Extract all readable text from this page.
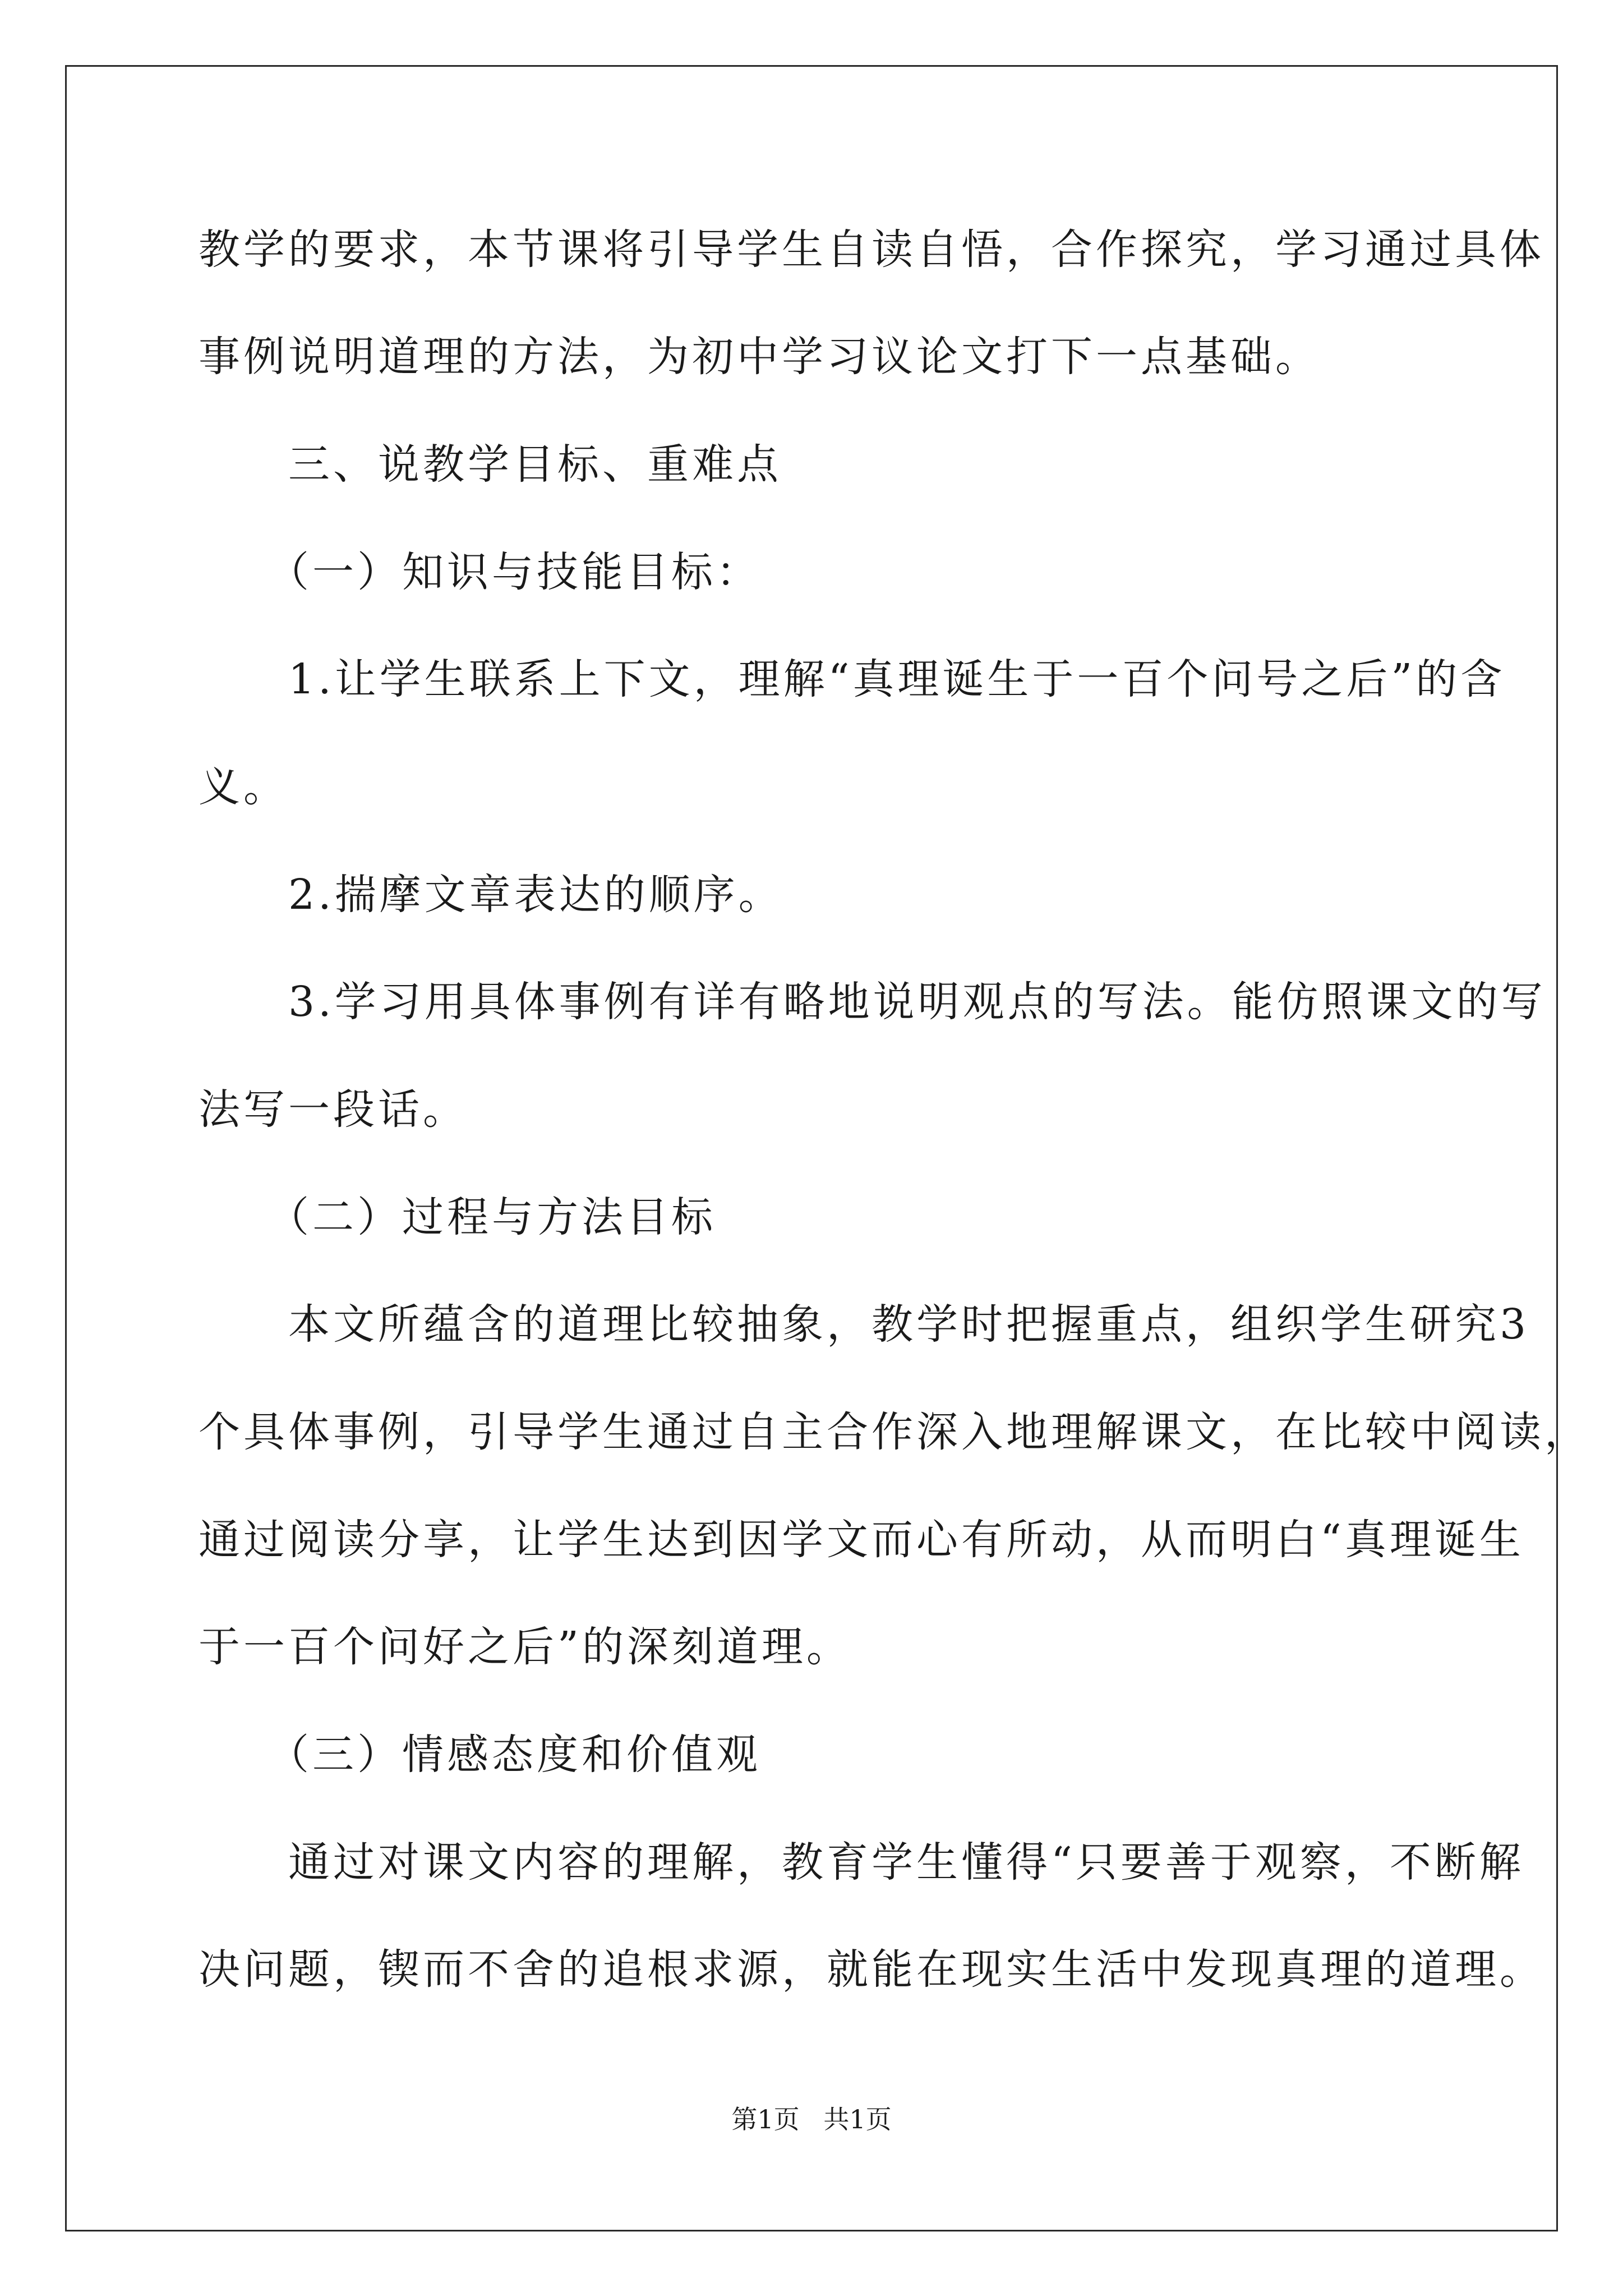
教学的要求，本节课将引导学生自读自悟，合作探究，学习通过具体
事例说明道理的方法，为初中学习议论文打下一点基础。
　　三、说教学目标、重难点
　　（一）知识与技能目标：
　　1.让学生联系上下文，理解“真理诞生于一百个问号之后”的含
义。
　　2.揣摩文章表达的顺序。
　　3.学习用具体事例有详有略地说明观点的写法。能仿照课文的写
法写一段话。
　　（二）过程与方法目标
　　本文所蕴含的道理比较抽象，教学时把握重点，组织学生研究3
个具体事例，引导学生通过自主合作深入地理解课文，在比较中阅读，
通过阅读分享，让学生达到因学文而心有所动，从而明白“真理诞生
于一百个问好之后”的深刻道理。
　　（三）情感态度和价值观
　　通过对课文内容的理解，教育学生懂得“只要善于观察，不断解
决问题，锲而不舍的追根求源，就能在现实生活中发现真理的道理。
第1页 共1页
